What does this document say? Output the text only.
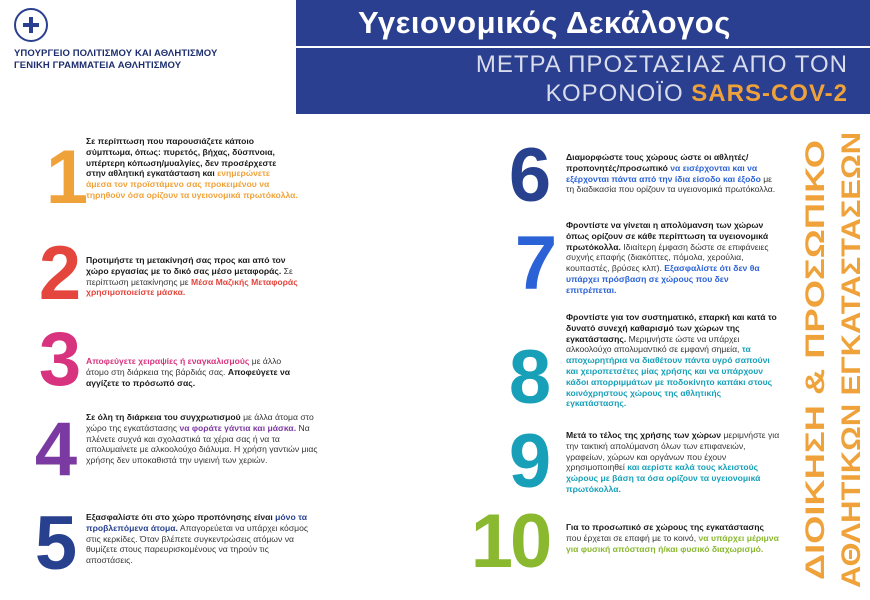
ΥΠΟΥΡΓΕΙΟ ΠΟΛΙΤΙΣΜΟΥ ΚΑΙ ΑΘΛΗΤΙΣΜΟΥ
ΓΕΝΙΚΗ ΓΡΑΜΜΑΤΕΙΑ ΑΘΛΗΤΙΣΜΟΥ
Υγειονομικός Δεκάλογος
ΜΕΤΡΑ ΠΡΟΣΤΑΣΙΑΣ ΑΠΟ ΤΟΝ
ΚΟΡΟΝΟΪΟ SARS-COV-2
1
Σε περίπτωση που παρουσιάζετε κάποιο σύμπτωμα, όπως: πυρετός, βήχας, δύσπνοια, υπέρτερη κόπωση/μυαλγίες, δεν προσέρχεστε στην αθλητική εγκατάσταση και ενημερώνετε άμεσα τον προϊστάμενο σας προκειμένου να τηρηθούν όσα ορίζουν τα υγειονομικά πρωτόκολλα.
2 Προτιμήστε τη μετακίνησή σας προς και από τον χώρο εργασίας με το δικό σας μέσο μεταφοράς. Σε περίπτωση μετακίνησης με Μέσα Μαζικής Μεταφοράς χρησιμοποιείστε μάσκα.
3 Αποφεύγετε χειραψίες ή εναγκαλισμούς με άλλο άτομο στη διάρκεια της βάρδιάς σας. Αποφεύγετε να αγγίζετε το πρόσωπό σας.
4	Σε όλη τη διάρκεια του συγχρωτισμού με άλλα άτομα στο χώρο της εγκατάστασης να φοράτε γάντια και μάσκα. Να πλένετε συχνά και σχολαστικά τα χέρια σας ή να τα απολυμαίνετε με αλκοολούχο διάλυμα. Η χρήση γαντιών μιας χρήσης δεν υποκαθιστά την υγιεινή των χεριών.
5	Εξασφαλίστε ότι στο χώρο προπόνησης είναι μόνο τα προβλεπόμενα άτομα. Απαγορεύεται να υπάρχει κόσμος στις κερκίδες. Όταν βλέπετε συγκεντρώσεις ατόμων να θυμίζετε στους παρευρισκομένους να τηρούν τις αποστάσεις.
6	Διαμορφώστε τους χώρους ώστε οι αθλητές/προπονητές/προσωπικό να εισέρχονται και να εξέρχονται πάντα από την ίδια είσοδο και έξοδο με τη διαδικασία που ορίζουν τα υγειονομικά πρωτόκολλα.
7	Φροντίστε να γίνεται η απολύμανση των χώρων όπως ορίζουν σε κάθε περίπτωση τα υγειονομικά πρωτόκολλα. Ιδιαίτερη έμφαση δώστε σε επιφάνειες συχνής επαφής (διακόπτες, πόμολα, χερούλια, κουπαστές, βρύσες κλπ). Εξασφαλίστε ότι δεν θα υπάρχει πρόσβαση σε χώρους που δεν επιτρέπεται.
8
Φροντίστε για τον συστηματικό, επαρκή και κατά το δυνατό συνεχή καθαρισμό των χώρων της εγκατάστασης. Μεριμνήστε ώστε να υπάρχει αλκοολούχο απολυμαντικό σε εμφανή σημεία, τα αποχωρητήρια να διαθέτουν πάντα υγρό σαπούνι και χειροπετσέτες μίας χρήσης και να υπάρχουν κάδοι απορριμμάτων με ποδοκίνητο καπάκι στους κοινόχρηστους χώρους της αθλητικής εγκατάστασης.
9	Μετά το τέλος της χρήσης των χώρων μεριμνήστε για την τακτική απολύμανση όλων των επιφανειών, γραφείων, χώρων και οργάνων που έχουν χρησιμοποιηθεί και αερίστε καλά τους κλειστούς χώρους με βάση τα όσα ορίζουν τα υγειονομικά πρωτόκολλα.
10	Για το προσωπικό σε χώρους της εγκατάστασης που έρχεται σε επαφή με το κοινό, να υπάρχει μέριμνα για φυσική απόσταση ή/και φυσικό διαχωρισμό.	ΔΙΟΙΚΗΣΗ & ΠΡΟΣΩΠΙΚΟ ΑΘΛΗΤΙΚΩΝ ΕΓΚΑΤΑΣΤΑΣΕΩΝ
